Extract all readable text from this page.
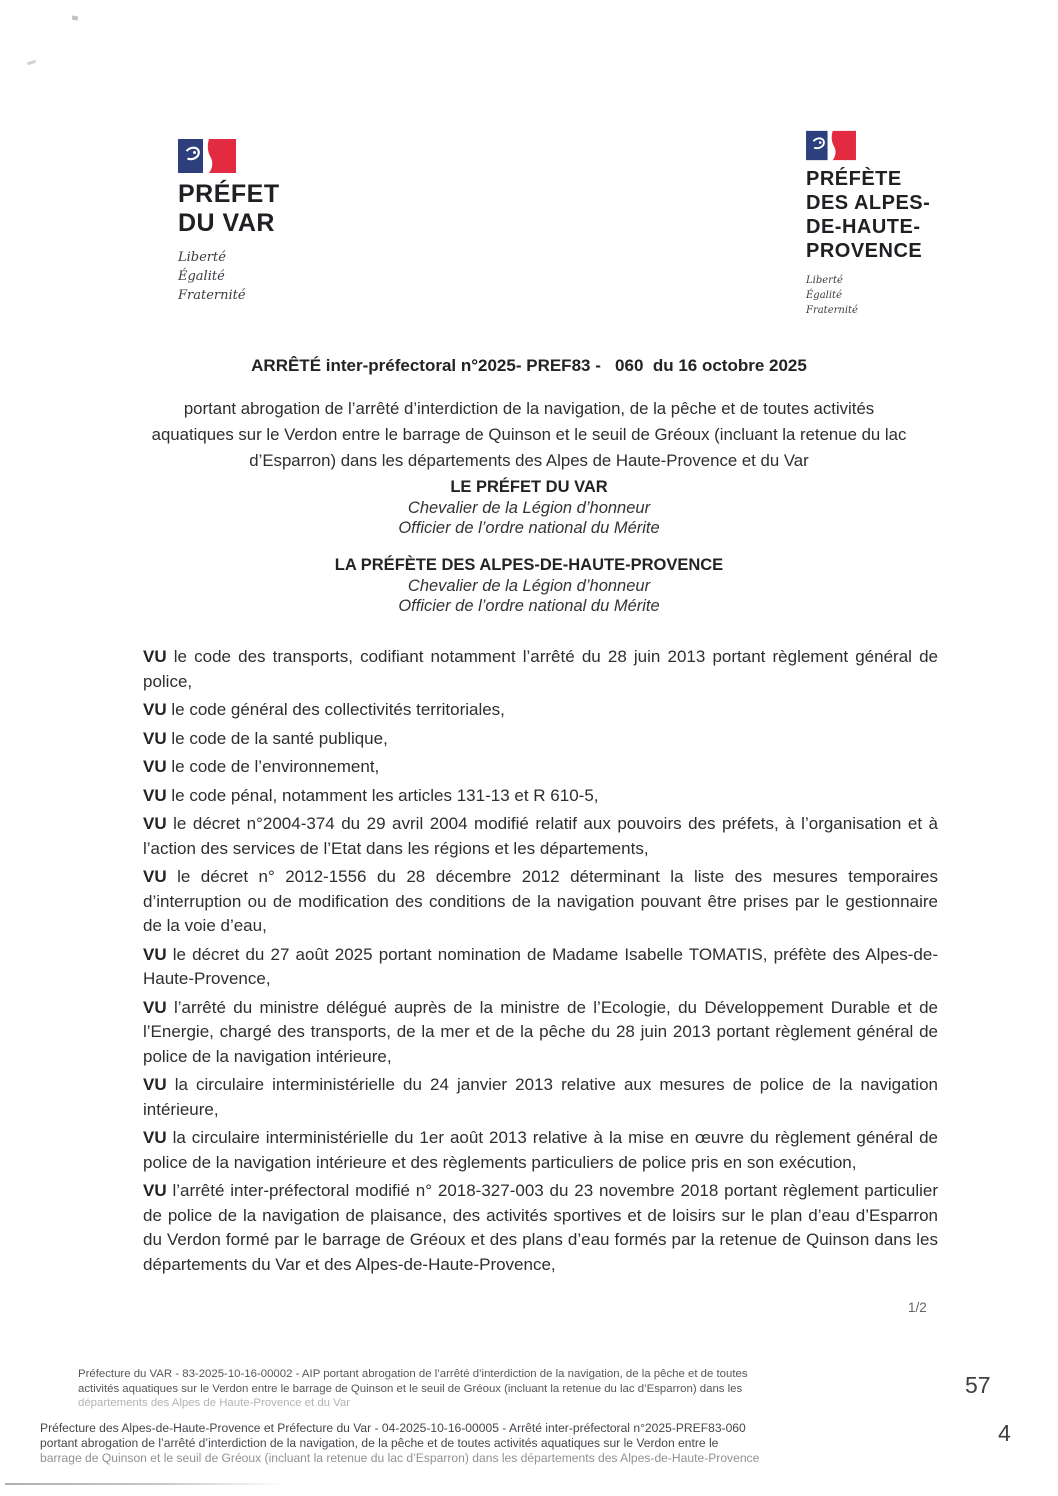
PRÉFET
DU VAR
Liberté
Égalité
Fraternité
PRÉFÈTE
DES ALPES-
DE-HAUTE-
PROVENCE
Liberté
Égalité
Fraternité
ARRÊTÉ inter-préfectoral n°2025- PREF83 -   060  du 16 octobre 2025
portant abrogation de l’arrêté d’interdiction de la navigation, de la pêche et de toutes activités aquatiques sur le Verdon entre le barrage de Quinson et le seuil de Gréoux (incluant la retenue du lac d’Esparron) dans les départements des Alpes de Haute-Provence et du Var
LE PRÉFET DU VAR
Chevalier de la Légion d’honneur
Officier de l’ordre national du Mérite
LA PRÉFÈTE DES ALPES-DE-HAUTE-PROVENCE
Chevalier de la Légion d’honneur
Officier de l’ordre national du Mérite

VU le code des transports, codifiant notamment l’arrêté du 28 juin 2013 portant règlement général de police,

VU le code général des collectivités territoriales,

VU le code de la santé publique,

VU le code de l’environnement,

VU le code pénal, notamment les articles 131-13 et R 610-5,

VU le décret n°2004-374 du 29 avril 2004 modifié relatif aux pouvoirs des préfets, à l’organisation et à l’action des services de l’Etat dans les régions et les départements,

VU le décret n° 2012-1556 du 28 décembre 2012 déterminant la liste des mesures temporaires d’interruption ou de modification des conditions de la navigation pouvant être prises par le gestionnaire de la voie d’eau,

VU le décret du 27 août 2025 portant nomination de Madame Isabelle TOMATIS, préfète des Alpes-de-Haute-Provence,

VU l’arrêté du ministre délégué auprès de la ministre de l’Ecologie, du Développement Durable et de l’Energie, chargé des transports, de la mer et de la pêche du 28 juin 2013 portant règlement général de police de la navigation intérieure,

VU la circulaire interministérielle du 24 janvier 2013 relative aux mesures de police de la navigation intérieure,

VU la circulaire interministérielle du 1er août 2013 relative à la mise en œuvre du règlement général de police de la navigation intérieure et des règlements particuliers de police pris en son exécution,

VU l’arrêté inter-préfectoral modifié n° 2018-327-003 du 23 novembre 2018 portant règlement particulier de police de la navigation de plaisance, des activités sportives et de loisirs sur le plan d’eau d’Esparron du Verdon formé par le barrage de Gréoux et des plans d’eau formés par la retenue de Quinson dans les départements du Var et des Alpes-de-Haute-Provence,

1/2
Préfecture du VAR - 83-2025-10-16-00002 - AIP portant abrogation de l’arrêté d’interdiction de la navigation, de la pêche et de toutes
activités aquatiques sur le Verdon entre le barrage de Quinson et le seuil de Gréoux (incluant la retenue du lac d’Esparron) dans les
départements des Alpes de Haute-Provence et du Var
Préfecture des Alpes-de-Haute-Provence et Préfecture du Var - 04-2025-10-16-00005 - Arrêté inter-préfectoral n°2025-PREF83-060
portant abrogation de l’arrêté d’interdiction de la navigation, de la pêche et de toutes activités aquatiques sur le Verdon entre le
barrage de Quinson et le seuil de Gréoux (incluant la retenue du lac d’Esparron) dans les départements des Alpes-de-Haute-Provence
57
4
